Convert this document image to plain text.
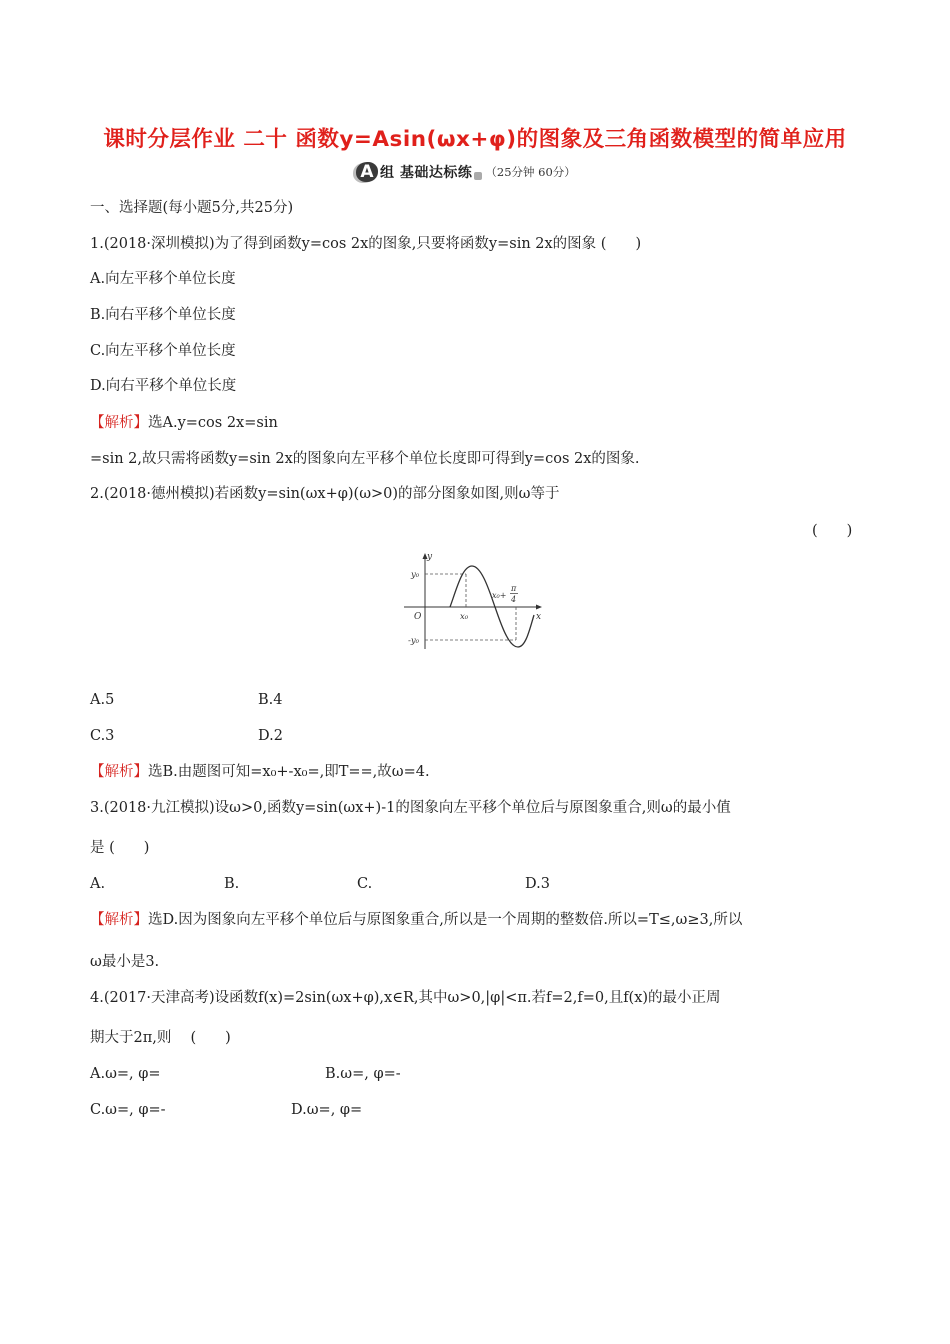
课时分层作业 二十 函数y=Asin(ωx+φ)的图象及三角函数模型的简单应用
A 组 基础达标练 （25分钟 60分）
一、选择题(每小题5分,共25分)
1.(2018·深圳模拟)为了得到函数y=cos 2x的图象,只要将函数y=sin 2x的图象 (　　)
A.向左平移个单位长度
B.向右平移个单位长度
C.向左平移个单位长度
D.向右平移个单位长度
【解析】选A.y=cos 2x=sin
=sin 2,故只需将函数y=sin 2x的图象向左平移个单位长度即可得到y=cos 2x的图象.
2.(2018·德州模拟)若函数y=sin(ωx+φ)(ω>0)的部分图象如图,则ω等于
(　　)
y
x
O
y₀
-y₀
x₀
x₀+
π
4
A.5	B.4
C.3	D.2
【解析】选B.由题图可知=x₀+-x₀=,即T==,故ω=4.
3.(2018·九江模拟)设ω>0,函数y=sin(ωx+)-1的图象向左平移个单位后与原图象重合,则ω的最小值
是 (　　)
A.	B.	C.	D.3
【解析】选D.因为图象向左平移个单位后与原图象重合,所以是一个周期的整数倍.所以=T≤,ω≥3,所以
ω最小是3.
4.(2017·天津高考)设函数f(x)=2sin(ωx+φ),x∈R,其中ω>0,|φ|<π.若f=2,f=0,且f(x)的最小正周
期大于2π,则 　(　　)
A.ω=, φ=	B.ω=, φ=-
C.ω=, φ=-	D.ω=, φ=
